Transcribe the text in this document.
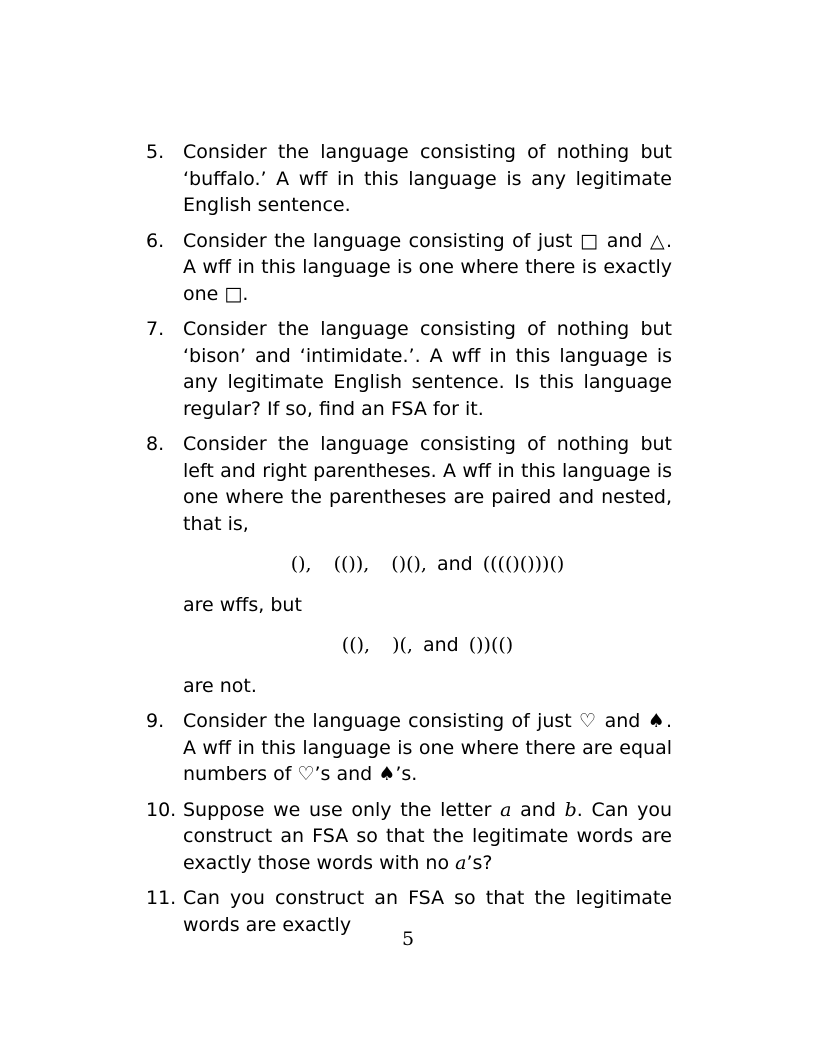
5. Consider the language consisting of nothing but ‘buffalo.’ A wff in this language is any legitimate English sentence.
6. Consider the language consisting of just □ and △. A wff in this language is one where there is exactly one □.
7. Consider the language consisting of nothing but ‘bison’ and ‘intimidate.’. A wff in this language is any legitimate English sentence. Is this language regular? If so, find an FSA for it.
8. Consider the language consisting of nothing but left and right parentheses. A wff in this language is one where the parentheses are paired and nested, that is,
(), (()), ()(), and (((()()))()
are wffs, but
((), )(, and ())(()
are not.
9. Consider the language consisting of just ♡ and ♠. A wff in this language is one where there are equal numbers of ♡’s and ♠’s.
10. Suppose we use only the letter a and b. Can you construct an FSA so that the legitimate words are exactly those words with no a’s?
11. Can you construct an FSA so that the legitimate words are exactly
5
